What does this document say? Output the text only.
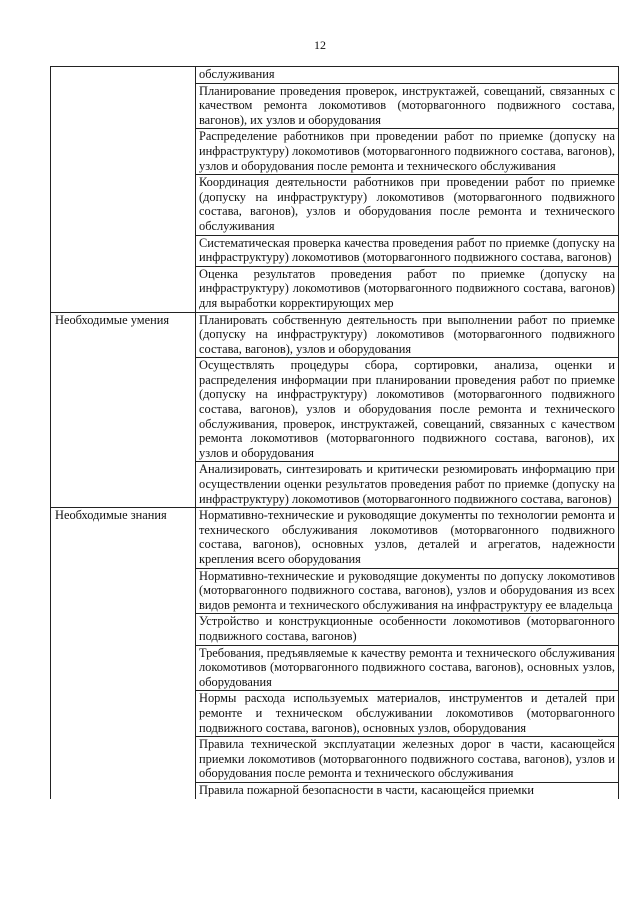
12
	обслуживания
	Планирование проведения проверок, инструктажей, совещаний, связанных с качеством ремонта локомотивов (моторвагонного подвижного состава, вагонов), их узлов и оборудования
	Распределение работников при проведении работ по приемке (допуску на инфраструктуру) локомотивов (моторвагонного подвижного состава, вагонов), узлов и оборудования после ремонта и технического обслуживания
	Координация деятельности работников при проведении работ по приемке (допуску на инфраструктуру) локомотивов (моторвагонного подвижного состава, вагонов), узлов и оборудования после ремонта и технического обслуживания
	Систематическая проверка качества проведения работ по приемке (допуску на инфраструктуру) локомотивов (моторвагонного подвижного состава, вагонов)
	Оценка результатов проведения работ по приемке (допуску на инфраструктуру) локомотивов (моторвагонного подвижного состава, вагонов) для выработки корректирующих мер
Необходимые умения	Планировать собственную деятельность при выполнении работ по приемке (допуску на инфраструктуру) локомотивов (моторвагонного подвижного состава, вагонов), узлов и оборудования
	Осуществлять процедуры сбора, сортировки, анализа, оценки и распределения информации при планировании проведения работ по приемке (допуску на инфраструктуру) локомотивов (моторвагонного подвижного состава, вагонов), узлов и оборудования после ремонта и технического обслуживания, проверок, инструктажей, совещаний, связанных с качеством ремонта локомотивов (моторвагонного подвижного состава, вагонов), их узлов и оборудования
	Анализировать, синтезировать и критически резюмировать информацию при осуществлении оценки результатов проведения работ по приемке (допуску на инфраструктуру) локомотивов (моторвагонного подвижного состава, вагонов)
Необходимые знания	Нормативно-технические и руководящие документы по технологии ремонта и технического обслуживания локомотивов (моторвагонного подвижного состава, вагонов), основных узлов, деталей и агрегатов, надежности крепления всего оборудования
	Нормативно-технические и руководящие документы по допуску локомотивов (моторвагонного подвижного состава, вагонов), узлов и оборудования из всех видов ремонта и технического обслуживания на инфраструктуру ее владельца
	Устройство и конструкционные особенности локомотивов (моторвагонного подвижного состава, вагонов)
	Требования, предъявляемые к качеству ремонта и технического обслуживания локомотивов (моторвагонного подвижного состава, вагонов), основных узлов, оборудования
	Нормы расхода используемых материалов, инструментов и деталей при ремонте и техническом обслуживании локомотивов (моторвагонного подвижного состава, вагонов), основных узлов, оборудования
	Правила технической эксплуатации железных дорог в части, касающейся приемки локомотивов (моторвагонного подвижного состава, вагонов), узлов и оборудования после ремонта и технического обслуживания
	Правила пожарной безопасности в части, касающейся приемки
